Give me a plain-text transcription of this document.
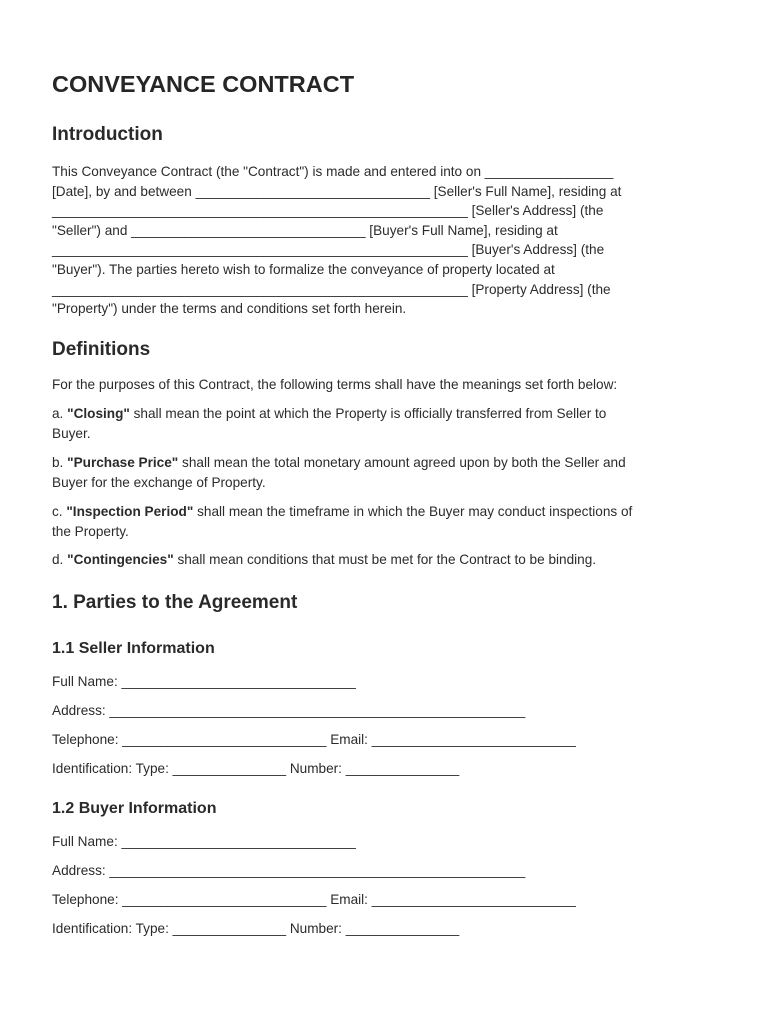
CONVEYANCE CONTRACT
Introduction
This Conveyance Contract (the "Contract") is made and entered into on _________________
[Date], by and between _______________________________ [Seller's Full Name], residing at
_______________________________________________________ [Seller's Address] (the
"Seller") and _______________________________ [Buyer's Full Name], residing at
_______________________________________________________ [Buyer's Address] (the
"Buyer"). The parties hereto wish to formalize the conveyance of property located at
_______________________________________________________ [Property Address] (the
"Property") under the terms and conditions set forth herein.
Definitions

For the purposes of this Contract, the following terms shall have the meanings set forth below:

a. "Closing" shall mean the point at which the Property is officially transferred from Seller to
Buyer.
b. "Purchase Price" shall mean the total monetary amount agreed upon by both the Seller and
Buyer for the exchange of Property.
c. "Inspection Period" shall mean the timeframe in which the Buyer may conduct inspections of
the Property.
d. "Contingencies" shall mean conditions that must be met for the Contract to be binding.
1. Parties to the Agreement
1.1 Seller Information
Full Name: _______________________________
Address: _______________________________________________________
Telephone: ___________________________ Email: ___________________________
Identification: Type: _______________ Number: _______________
1.2 Buyer Information
Full Name: _______________________________
Address: _______________________________________________________
Telephone: ___________________________ Email: ___________________________
Identification: Type: _______________ Number: _______________
